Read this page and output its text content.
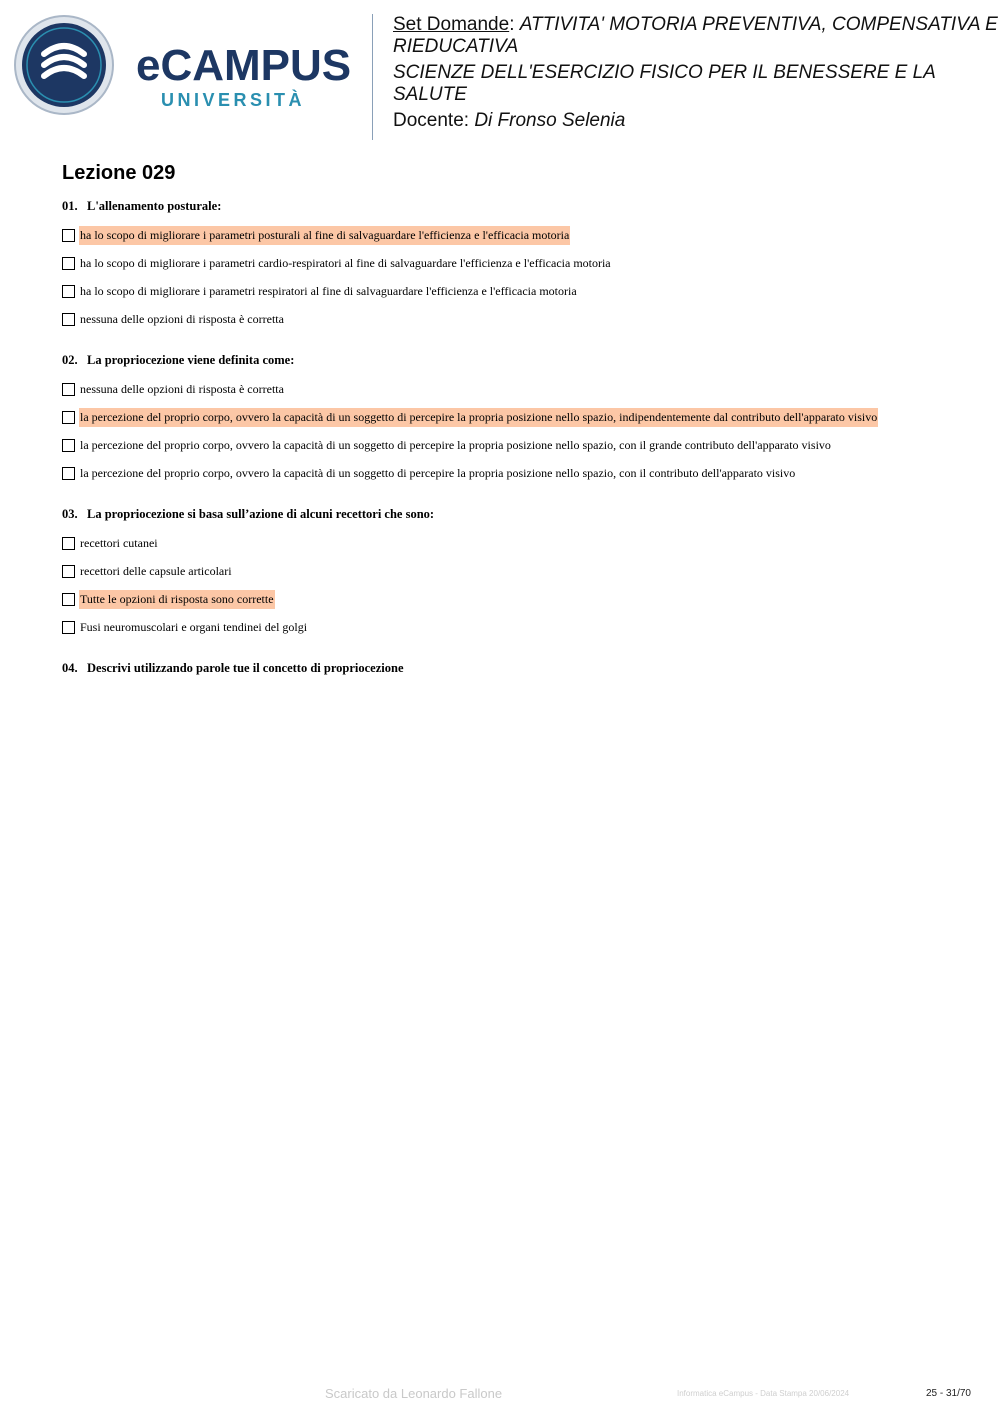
eCAMPUS
UNIVERSITÀ
Set Domande: ATTIVITA' MOTORIA PREVENTIVA, COMPENSATIVA E
RIEDUCATIVA
SCIENZE DELL'ESERCIZIO FISICO PER IL BENESSERE E LA
SALUTE
Docente: Di Fronso Selenia
Lezione 029
01. L'allenamento posturale:
ha lo scopo di migliorare i parametri posturali al fine di salvaguardare l'efficienza e l'efficacia motoria
ha lo scopo di migliorare i parametri cardio-respiratori al fine di salvaguardare l'efficienza e l'efficacia motoria
ha lo scopo di migliorare i parametri respiratori al fine di salvaguardare l'efficienza e l'efficacia motoria
nessuna delle opzioni di risposta è corretta
02. La propriocezione viene definita come:
nessuna delle opzioni di risposta è corretta
la percezione del proprio corpo, ovvero la capacità di un soggetto di percepire la propria posizione nello spazio, indipendentemente dal contributo dell'apparato visivo
la percezione del proprio corpo, ovvero la capacità di un soggetto di percepire la propria posizione nello spazio, con il grande contributo dell'apparato visivo
la percezione del proprio corpo, ovvero la capacità di un soggetto di percepire la propria posizione nello spazio, con il contributo dell'apparato visivo
03. La propriocezione si basa sull’azione di alcuni recettori che sono:
recettori cutanei
recettori delle capsule articolari
Tutte le opzioni di risposta sono corrette
Fusi neuromuscolari e organi tendinei del golgi
04. Descrivi utilizzando parole tue il concetto di propriocezione
Scaricato da Leonardo Fallone	Informatica eCampus - Data Stampa 20/06/2024	25 - 31/70
